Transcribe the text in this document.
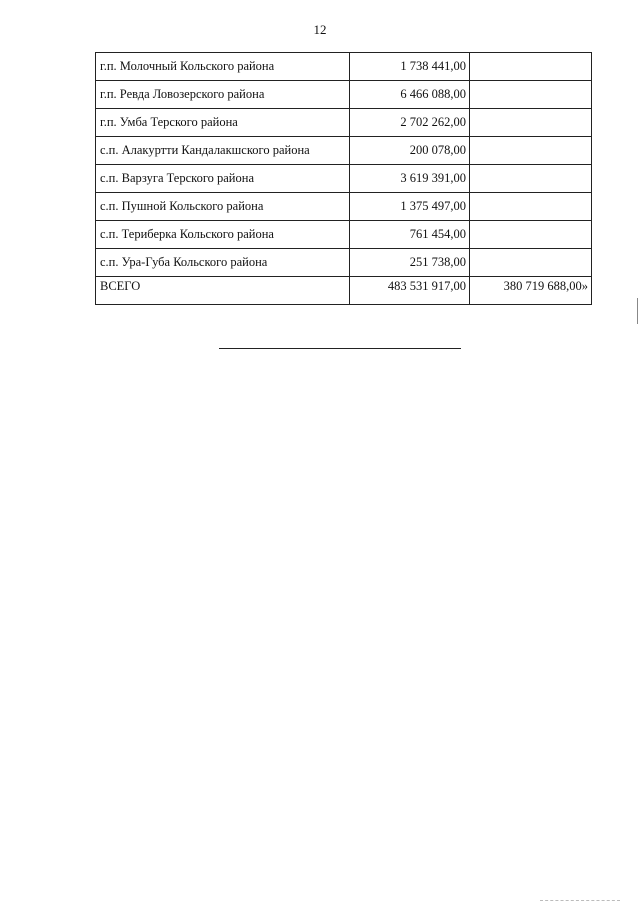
12
г.п. Молочный Кольского района	1 738 441,00	
г.п. Ревда Ловозерского района	6 466 088,00	
г.п. Умба Терского района	2 702 262,00	
с.п. Алакуртти Кандалакшского района	200 078,00	
с.п. Варзуга Терского района	3 619 391,00	
с.п. Пушной Кольского района	1 375 497,00	
с.п. Териберка Кольского района	761 454,00	
с.п. Ура-Губа Кольского района	251 738,00	
ВСЕГО	483 531 917,00	380 719 688,00»
